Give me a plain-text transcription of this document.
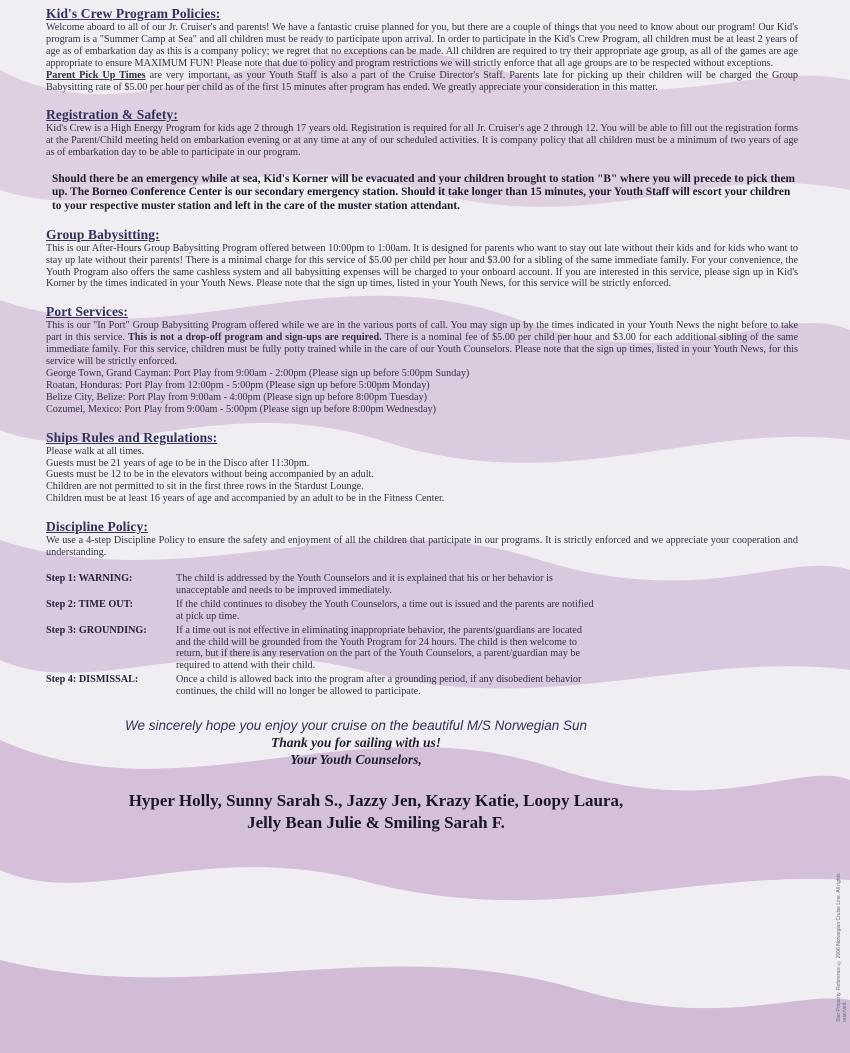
Kid's Crew Program Policies:

Welcome aboard to all of our Jr. Cruiser's and parents! We have a fantastic cruise planned for you, but there are a couple of things that you need to know about our program! Our Kid's program is a "Summer Camp at Sea" and all children must be ready to participate upon arrival. In order to participate in the Kid's Crew Program, all children must be at least 2 years of age as of embarkation day as this is a company policy; we regret that no exceptions can be made. All children are required to try their appropriate age group, as all of the games are age appropriate to ensure MAXIMUM FUN! Please note that due to policy and program restrictions we will strictly enforce that all age groups are to be respected without exceptions.
Parent Pick Up Times are very important, as your Youth Staff is also a part of the Cruise Director's Staff. Parents late for picking up their children will be charged the Group Babysitting rate of $5.00 per hour per child as of the first 15 minutes after program has ended. We greatly appreciate your consideration in this matter.

Registration & Safety:

Kid's Crew is a High Energy Program for kids age 2 through 17 years old. Registration is required for all Jr. Cruiser's age 2 through 12. You will be able to fill out the registration forms at the Parent/Child meeting held on embarkation evening or at any time at any of our scheduled activities. It is company policy that all children must be a minimum of two years of age as of embarkation day to be able to participate in our program.

Should there be an emergency while at sea, Kid's Korner will be evacuated and your children brought to station "B" where you will precede to pick them up. The Borneo Conference Center is our secondary emergency station. Should it take longer than 15 minutes, your Youth Staff will escort your children to your respective muster station and left in the care of the muster station attendant.

Group Babysitting:

This is our After-Hours Group Babysitting Program offered between 10:00pm to 1:00am. It is designed for parents who want to stay out late without their kids and for kids who want to stay up late without their parents! There is a minimal charge for this service of $5.00 per child per hour and $3.00 for a sibling of the same immediate family. For your convenience, the Youth Program also offers the same cashless system and all babysitting expenses will be charged to your onboard account. If you are interested in this service, please sign up in Kid's Korner by the times indicated in your Youth News. Please note that the sign up times, listed in your Youth News, for this service will be strictly enforced.

Port Services:

This is our "In Port" Group Babysitting Program offered while we are in the various ports of call. You may sign up by the times indicated in your Youth News the night before to take part in this service. This is not a drop-off program and sign-ups are required. There is a nominal fee of $5.00 per child per hour and $3.00 for each additional sibling of the same immediate family. For this service, children must be fully potty trained while in the care of our Youth Counselors. Please note that the sign up times, listed in your Youth News, for this service will be strictly enforced.

George Town, Grand Cayman: Port Play from 9:00am - 2:00pm (Please sign up before 5:00pm Sunday)
Roatan, Honduras: Port Play from 12:00pm - 5:00pm (Please sign up before 5:00pm Monday)
Belize City, Belize: Port Play from 9:00am - 4:00pm (Please sign up before 8:00pm Tuesday)
Cozumel, Mexico: Port Play from 9:00am - 5:00pm (Please sign up before 8:00pm Wednesday)
Ships Rules and Regulations:
Please walk at all times.
Guests must be 21 years of age to be in the Disco after 11:30pm.
Guests must be 12 to be in the elevators without being accompanied by an adult.
Children are not permitted to sit in the first three rows in the Stardust Lounge.
Children must be at least 16 years of age and accompanied by an adult to be in the Fitness Center.
Discipline Policy:

We use a 4-step Discipline Policy to ensure the safety and enjoyment of all the children that participate in our programs. It is strictly enforced and we appreciate your cooperation and understanding.

Step 1: WARNING:	The child is addressed by the Youth Counselors and it is explained that his or her behavior is unacceptable and needs to be improved immediately.
Step 2: TIME OUT:	If the child continues to disobey the Youth Counselors, a time out is issued and the parents are notified at pick up time.
Step 3: GROUNDING:	If a time out is not effective in eliminating inappropriate behavior, the parents/guardians are located and the child will be grounded from the Youth Program for 24 hours. The child is then welcome to return, but if there is any reservation on the part of the Youth Counselors, a parent/guardian may be required to attend with their child.
Step 4: DISMISSAL:	Once a child is allowed back into the program after a grounding period, if any disobedient behavior continues, the child will no longer be allowed to participate.
We sincerely hope you enjoy your cruise on the beautiful M/S Norwegian Sun
Thank you for sailing with us!
Your Youth Counselors,
Hyper Holly, Sunny Sarah S., Jazzy Jen, Krazy Katie, Loopy Laura,
Jelly Bean Julie & Smiling Sarah F.
Star Property. Reference © 2006 Norwegian Cruise Line. All rights reserved.
